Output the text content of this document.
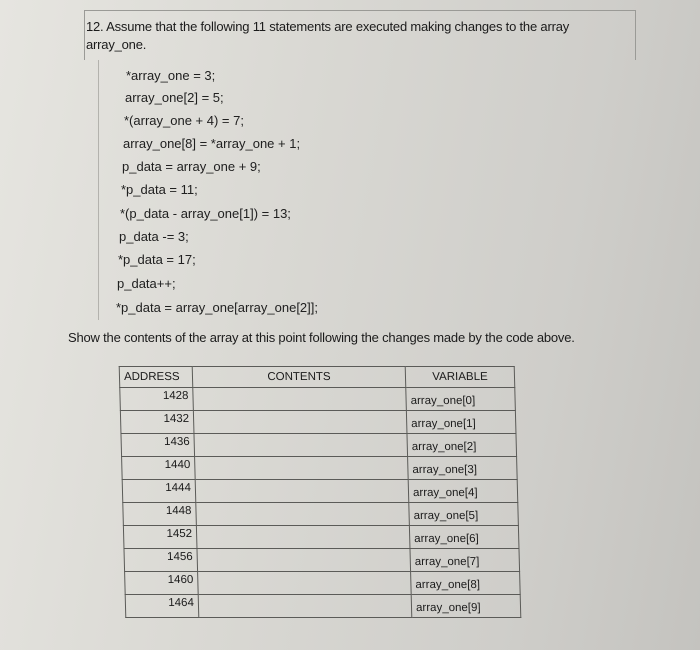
12. Assume that the following 11 statements are executed making changes to the array
array_one.
*array_one = 3;
array_one[2] = 5;
*(array_one + 4) = 7;
array_one[8] = *array_one + 1;
p_data = array_one + 9;
*p_data = 11;
*(p_data - array_one[1]) = 13;
p_data -= 3;
*p_data = 17;
p_data++;
*p_data = array_one[array_one[2]];
Show the contents of the array at this point following the changes made by the code above.
ADDRESS	CONTENTS	VARIABLE
1428		array_one[0]
1432		array_one[1]
1436		array_one[2]
1440		array_one[3]
1444		array_one[4]
1448		array_one[5]
1452		array_one[6]
1456		array_one[7]
1460		array_one[8]
1464		array_one[9]
